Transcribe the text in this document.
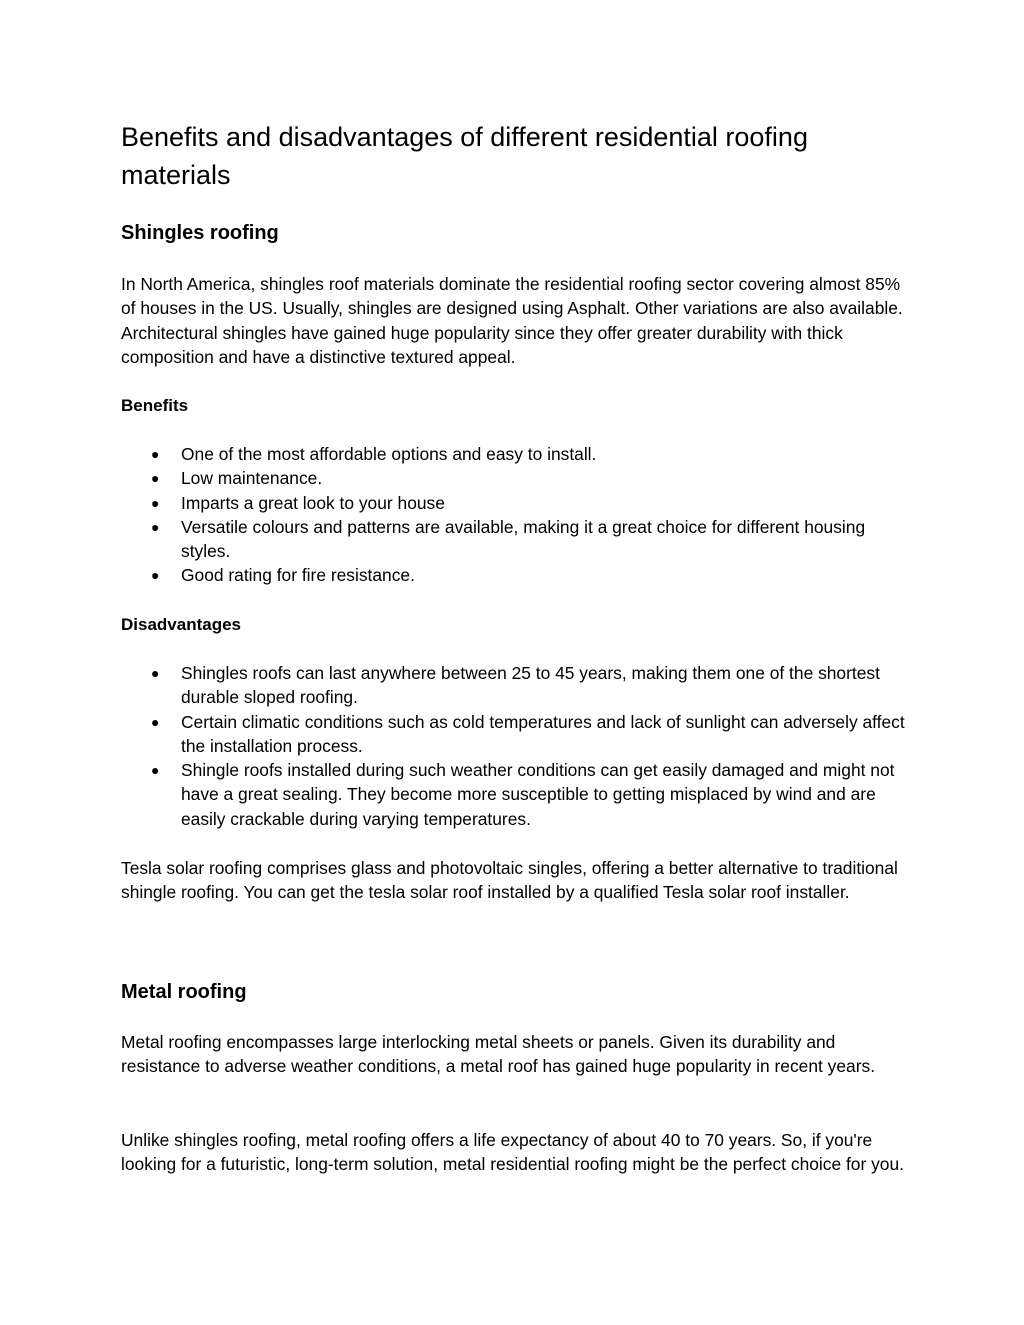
Benefits and disadvantages of different residential roofing materials
Shingles roofing

In North America, shingles roof materials dominate the residential roofing sector covering almost 85% of houses in the US. Usually, shingles are designed using Asphalt. Other variations are also available. Architectural shingles have gained huge popularity since they offer greater durability with thick composition and have a distinctive textured appeal.

Benefits
● One of the most affordable options and easy to install.
● Low maintenance.
● Imparts a great look to your house
● Versatile colours and patterns are available, making it a great choice for different housing styles.
● Good rating for fire resistance.
Disadvantages
● Shingles roofs can last anywhere between 25 to 45 years, making them one of the shortest durable sloped roofing.
● Certain climatic conditions such as cold temperatures and lack of sunlight can adversely affect the installation process.
● Shingle roofs installed during such weather conditions can get easily damaged and might not have a great sealing. They become more susceptible to getting misplaced by wind and are easily crackable during varying temperatures.

Tesla solar roofing comprises glass and photovoltaic singles, offering a better alternative to traditional shingle roofing. You can get the tesla solar roof installed by a qualified Tesla solar roof installer.

Metal roofing

Metal roofing encompasses large interlocking metal sheets or panels. Given its durability and resistance to adverse weather conditions, a metal roof has gained huge popularity in recent years.

Unlike shingles roofing, metal roofing offers a life expectancy of about 40 to 70 years. So, if you're looking for a futuristic, long-term solution, metal residential roofing might be the perfect choice for you.
